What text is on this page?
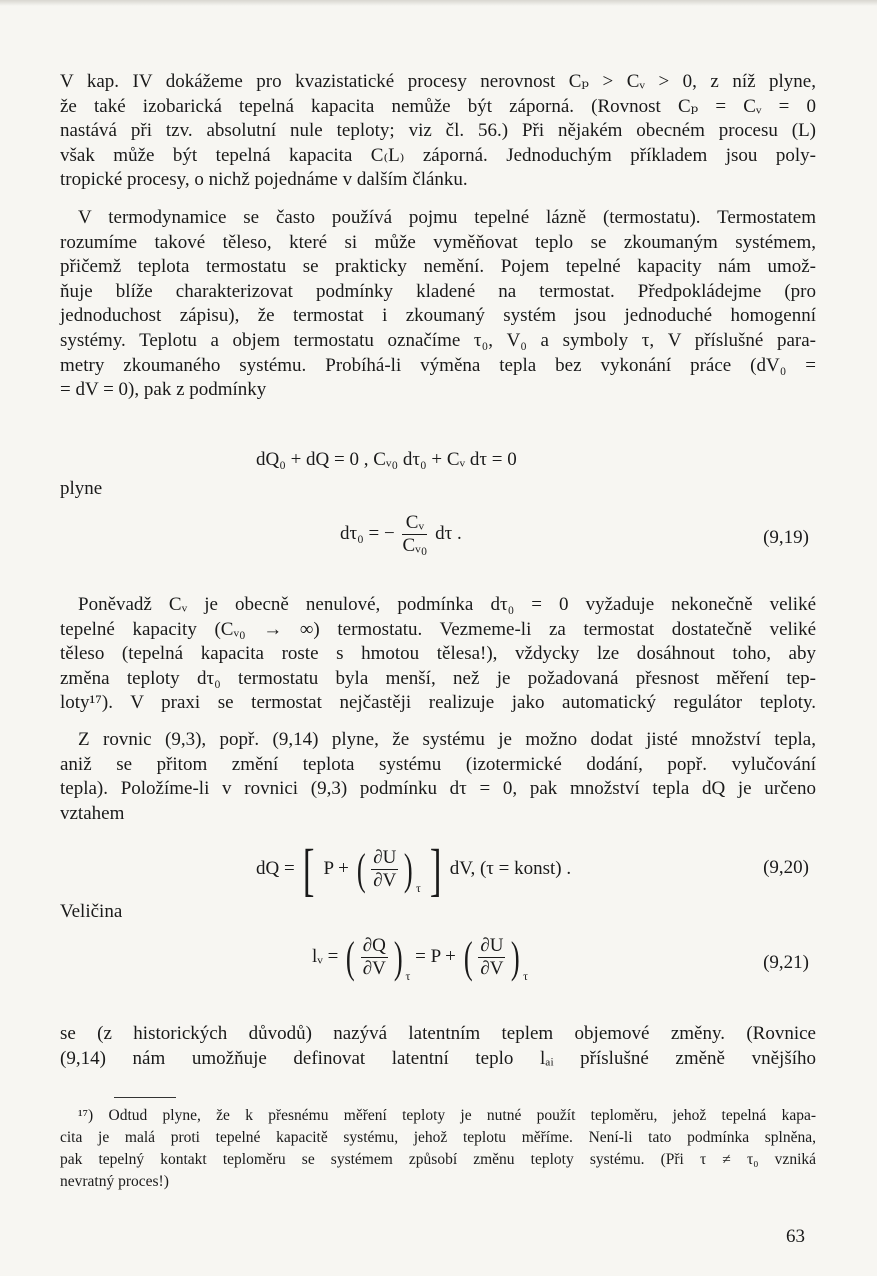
V kap. IV dokážeme pro kvazistatické procesy nerovnost Cₚ > Cᵥ > 0, z níž plyne,
že také izobarická tepelná kapacita nemůže být záporná. (Rovnost Cₚ = Cᵥ = 0
nastává při tzv. absolutní nule teploty; viz čl. 56.) Při nějakém obecném procesu (L)
však může být tepelná kapacita C₍L₎ záporná. Jednoduchým příkladem jsou poly-
tropické procesy, o nichž pojednáme v dalším článku.
V termodynamice se často používá pojmu tepelné lázně (termostatu). Termostatem
rozumíme takové těleso, které si může vyměňovat teplo se zkoumaným systémem,
přičemž teplota termostatu se prakticky nemění. Pojem tepelné kapacity nám umož-
ňuje blíže charakterizovat podmínky kladené na termostat. Předpokládejme (pro
jednoduchost zápisu), že termostat i zkoumaný systém jsou jednoduché homogenní
systémy. Teplotu a objem termostatu označíme τ₀, V₀ a symboly τ, V příslušné para-
metry zkoumaného systému. Probíhá-li výměna tepla bez vykonání práce (dV₀ =
= dV = 0), pak z podmínky
dQ₀ + dQ = 0 , Cᵥ₀ dτ₀ + Cᵥ dτ = 0
plyne
dτ₀ = − $\frac{\text{Cᵥ}}{\text{Cᵥ₀}}$ dτ .	(9,19)
Poněvadž Cᵥ je obecně nenulové, podmínka dτ₀ = 0 vyžaduje nekonečně veliké
tepelné kapacity (Cᵥ₀ → ∞) termostatu. Vezmeme-li za termostat dostatečně veliké
těleso (tepelná kapacita roste s hmotou tělesa!), vždycky lze dosáhnout toho, aby
změna teploty dτ₀ termostatu byla menší, než je požadovaná přesnost měření tep-
loty¹⁷). V praxi se termostat nejčastěji realizuje jako automatický regulátor teploty.
Z rovnic (9,3), popř. (9,14) plyne, že systému je možno dodat jisté množství tepla,
aniž se přitom změní teplota systému (izotermické dodání, popř. vylučování
tepla). Položíme-li v rovnici (9,3) podmínku dτ = 0, pak množství tepla dQ je určeno
vztahem
dQ = [ P + ( $\frac{\partial U}{\partial V}$ ) $_\tau$ ] dV, (τ = konst) .	(9,20)
Veličina
lᵥ = ( $\frac{\partial Q}{\partial V}$ ) $_\tau$ = P + ( $\frac{\partial U}{\partial V}$ ) $_\tau$
(9,21)
se (z historických důvodů) nazývá latentním teplem objemové změny. (Rovnice
(9,14) nám umožňuje definovat latentní teplo lₐᵢ příslušné změně vnějšího
¹⁷) Odtud plyne, že k přesnému měření teploty je nutné použít teploměru, jehož tepelná kapa-
cita je malá proti tepelné kapacitě systému, jehož teplotu měříme. Není-li tato podmínka splněna,
pak tepelný kontakt teploměru se systémem způsobí změnu teploty systému. (Při τ ≠ τ₀ vzniká
nevratný proces!)
63
